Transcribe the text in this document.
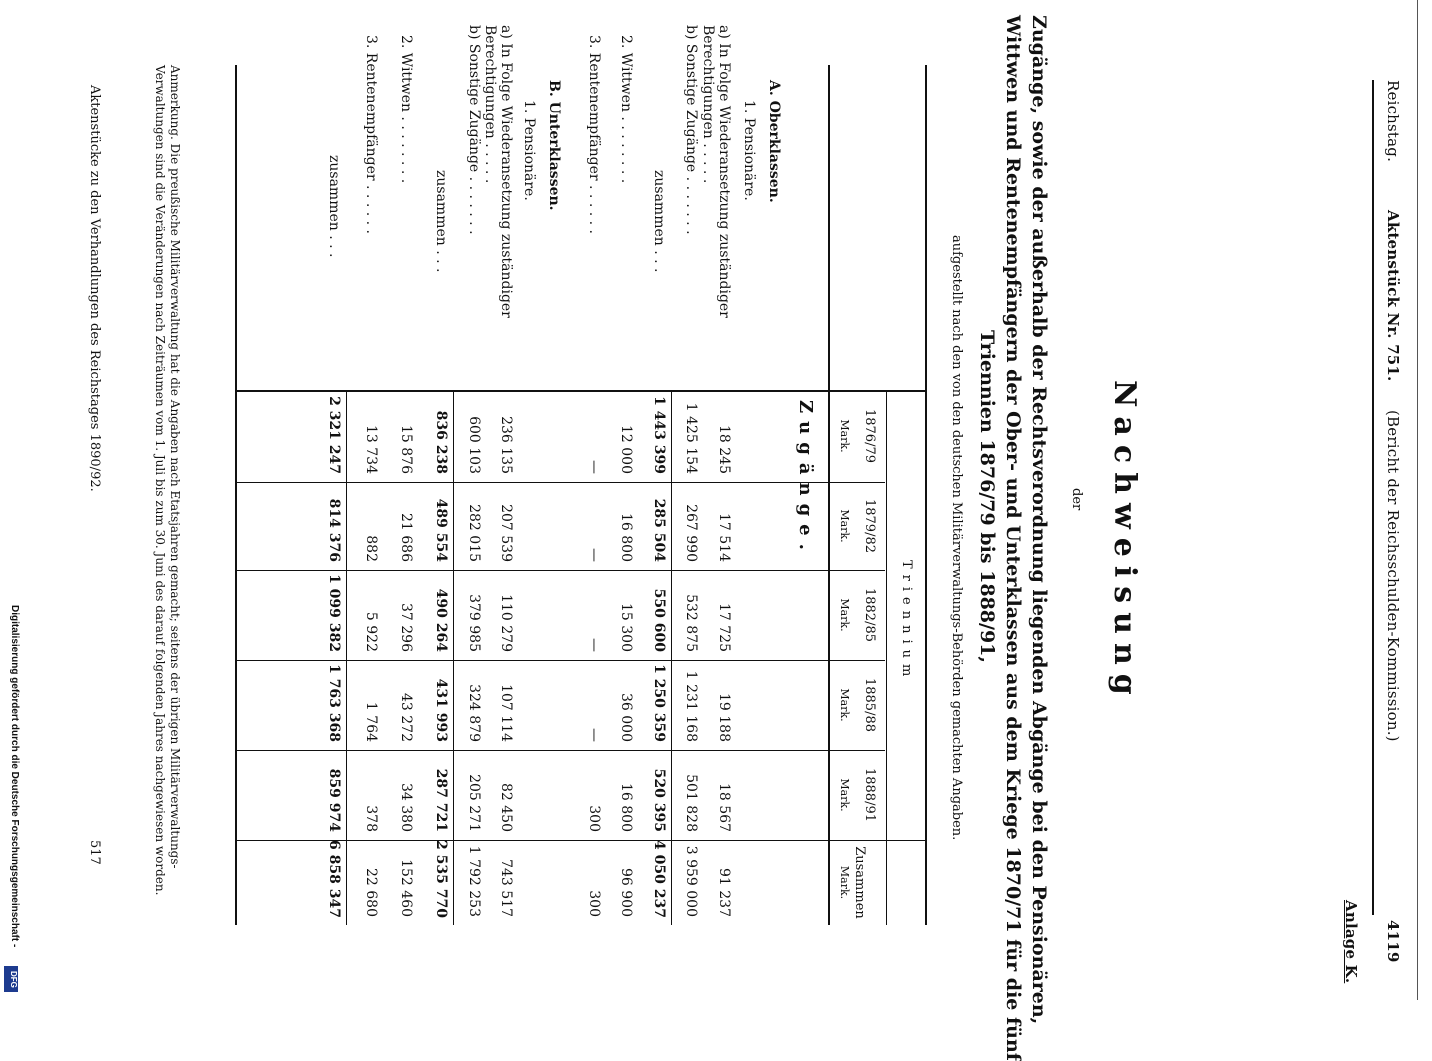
Reichstag.
Aktenstück Nr. 751.
(Bericht der Reichsschulden-Kommission.)
4119
Anlage K.
Nachweisung
der
Zugänge, sowie der außerhalb der Rechtsverordnung liegenden Abgänge bei den Pensionären,
Wittwen und Rentenempfängern der Ober- und Unterklassen aus dem Kriege 1870/71 für die fünf
Triennien 1876/79 bis 1888/91,
aufgestellt nach den von den deutschen Militärverwaltungs-Behörden gemachten Angaben.
Triennium
1876/79
1879/82
1882/85
1885/88
1888/91
Zusammen
Mark.
Mark.
Mark.
Mark.
Mark.
Mark.
Zugänge.
A. Oberklassen.
1. Pensionäre.
a) In Folge Wiederansetzung zuständiger Berechtigungen . . . . .
18 245
17 514
17 725
19 188
18 567
91 237
b) Sonstige Zugänge . . . . . . .
1 425 154
267 990
532 875
1 231 168
501 828
3 959 000
zusammen . . .
1 443 399
285 504
550 600
1 250 359
520 395
4 050 237
2. Wittwen . . . . . . . .
12 000
16 800
15 300
36 000
16 800
96 900
3. Rentenempfänger . . . . . .
—
—
—
—
300
300
B. Unterklassen.
1. Pensionäre.
a) In Folge Wiederansetzung zuständiger Berechtigungen . . . . .
236 135
207 539
110 279
107 114
82 450
743 517
b) Sonstige Zugänge . . . . . . .
600 103
282 015
379 985
324 879
205 271
1 792 253
zusammen . . .
836 238
489 554
490 264
431 993
287 721
2 535 770
2. Wittwen . . . . . . . .
15 876
21 686
37 296
43 272
34 380
152 460
3. Rentenempfänger . . . . . .
13 734
882
5 922
1 764
378
22 680
zusammen . . .
2 321 247
814 376
1 099 382
1 763 368
859 974
6 858 347
Anmerkung. Die preußische Militärverwaltung hat die Angaben nach Etatsjahren gemacht; seitens der übrigen Militärverwaltungs-Verwaltungen sind die Veränderungen nach Zeiträumen vom 1. Juli bis zum 30. Juni des darauf folgenden Jahres nachgewiesen worden.
Aktenstücke zu den Verhandlungen des Reichstages 1890/92.
517
Digitalisierung gefördert durch die Deutsche Forschungsgemeinschaft -
DFG
